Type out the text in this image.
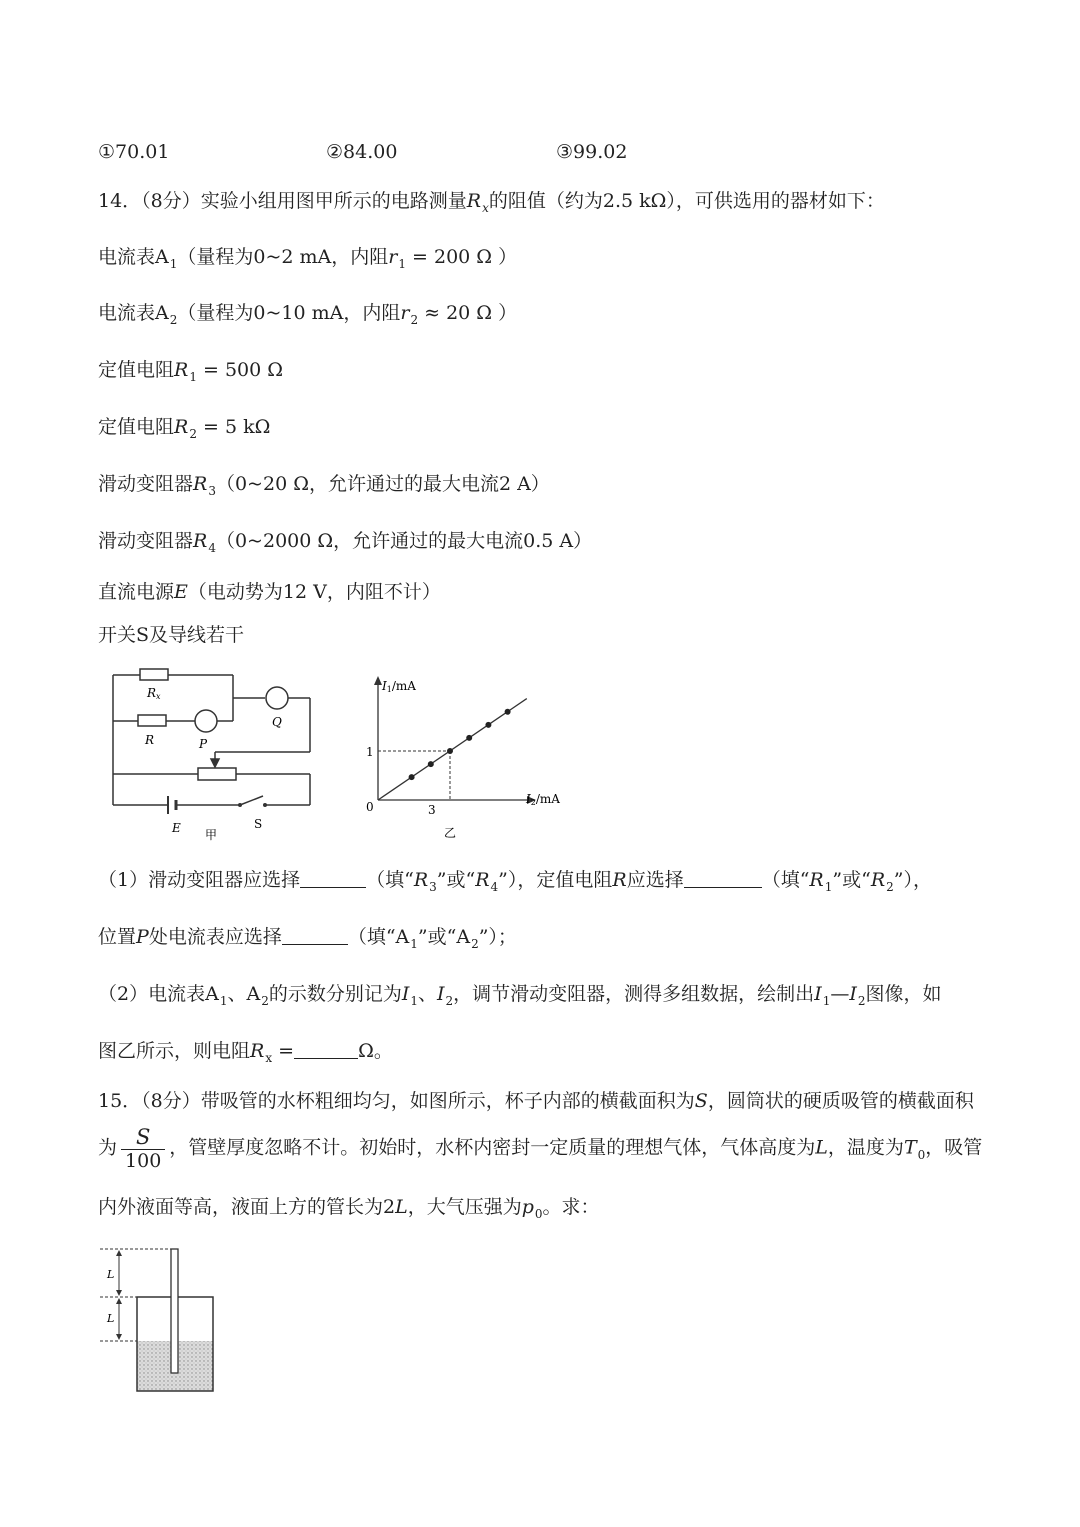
①70.01	②84.00	③99.02
14．（8分）实验小组用图甲所示的电路测量$R_x$的阻值（约为2.5 kΩ），可供选用的器材如下：
电流表$A_1$（量程为0~2 mA，内阻$r_1 = 200$ Ω ）
电流表$A_2$（量程为0~10 mA，内阻$r_2 \approx 20$ Ω ）
定值电阻$R_1 = 500$ Ω
定值电阻$R_2 = 5$ kΩ
滑动变阻器$R_3(0\sim 20$ Ω，允许通过的最大电流2 A）
滑动变阻器$R_4(0\sim 2000$ Ω，允许通过的最大电流0.5 A）
直流电源E（电动势为12 V，内阻不计）
开关S及导线若干
Rx
R	P
Q
E 甲
S
I1/mA
I2/mA
0
1
3
乙
（1）滑动变阻器应选择	（填“$R_3$”或“$R_4$”），定值电阻R应选择	（填“$R_1$”或“$R_2$”），
位置P处电流表应选择	（填“$A_1$”或“$A_2$”）；
（2）电流表$A_1$、$A_2$的示数分别记为$I_1$、$I_2$，调节滑动变阻器，测得多组数据，绘制出$I_1—I_2$图像，如
图乙所示，则电阻$R_x$ =	Ω。
15．（8分）带吸管的水杯粗细均匀，如图所示，杯子内部的横截面积为S，圆筒状的硬质吸管的横截面积
为 $\frac{S}{100}$ ，管壁厚度忽略不计。初始时，水杯内密封一定质量的理想气体，气体高度为L，温度为$T_0$，吸管
内外液面等高，液面上方的管长为2L，大气压强为$p_0$。求：
L
L
